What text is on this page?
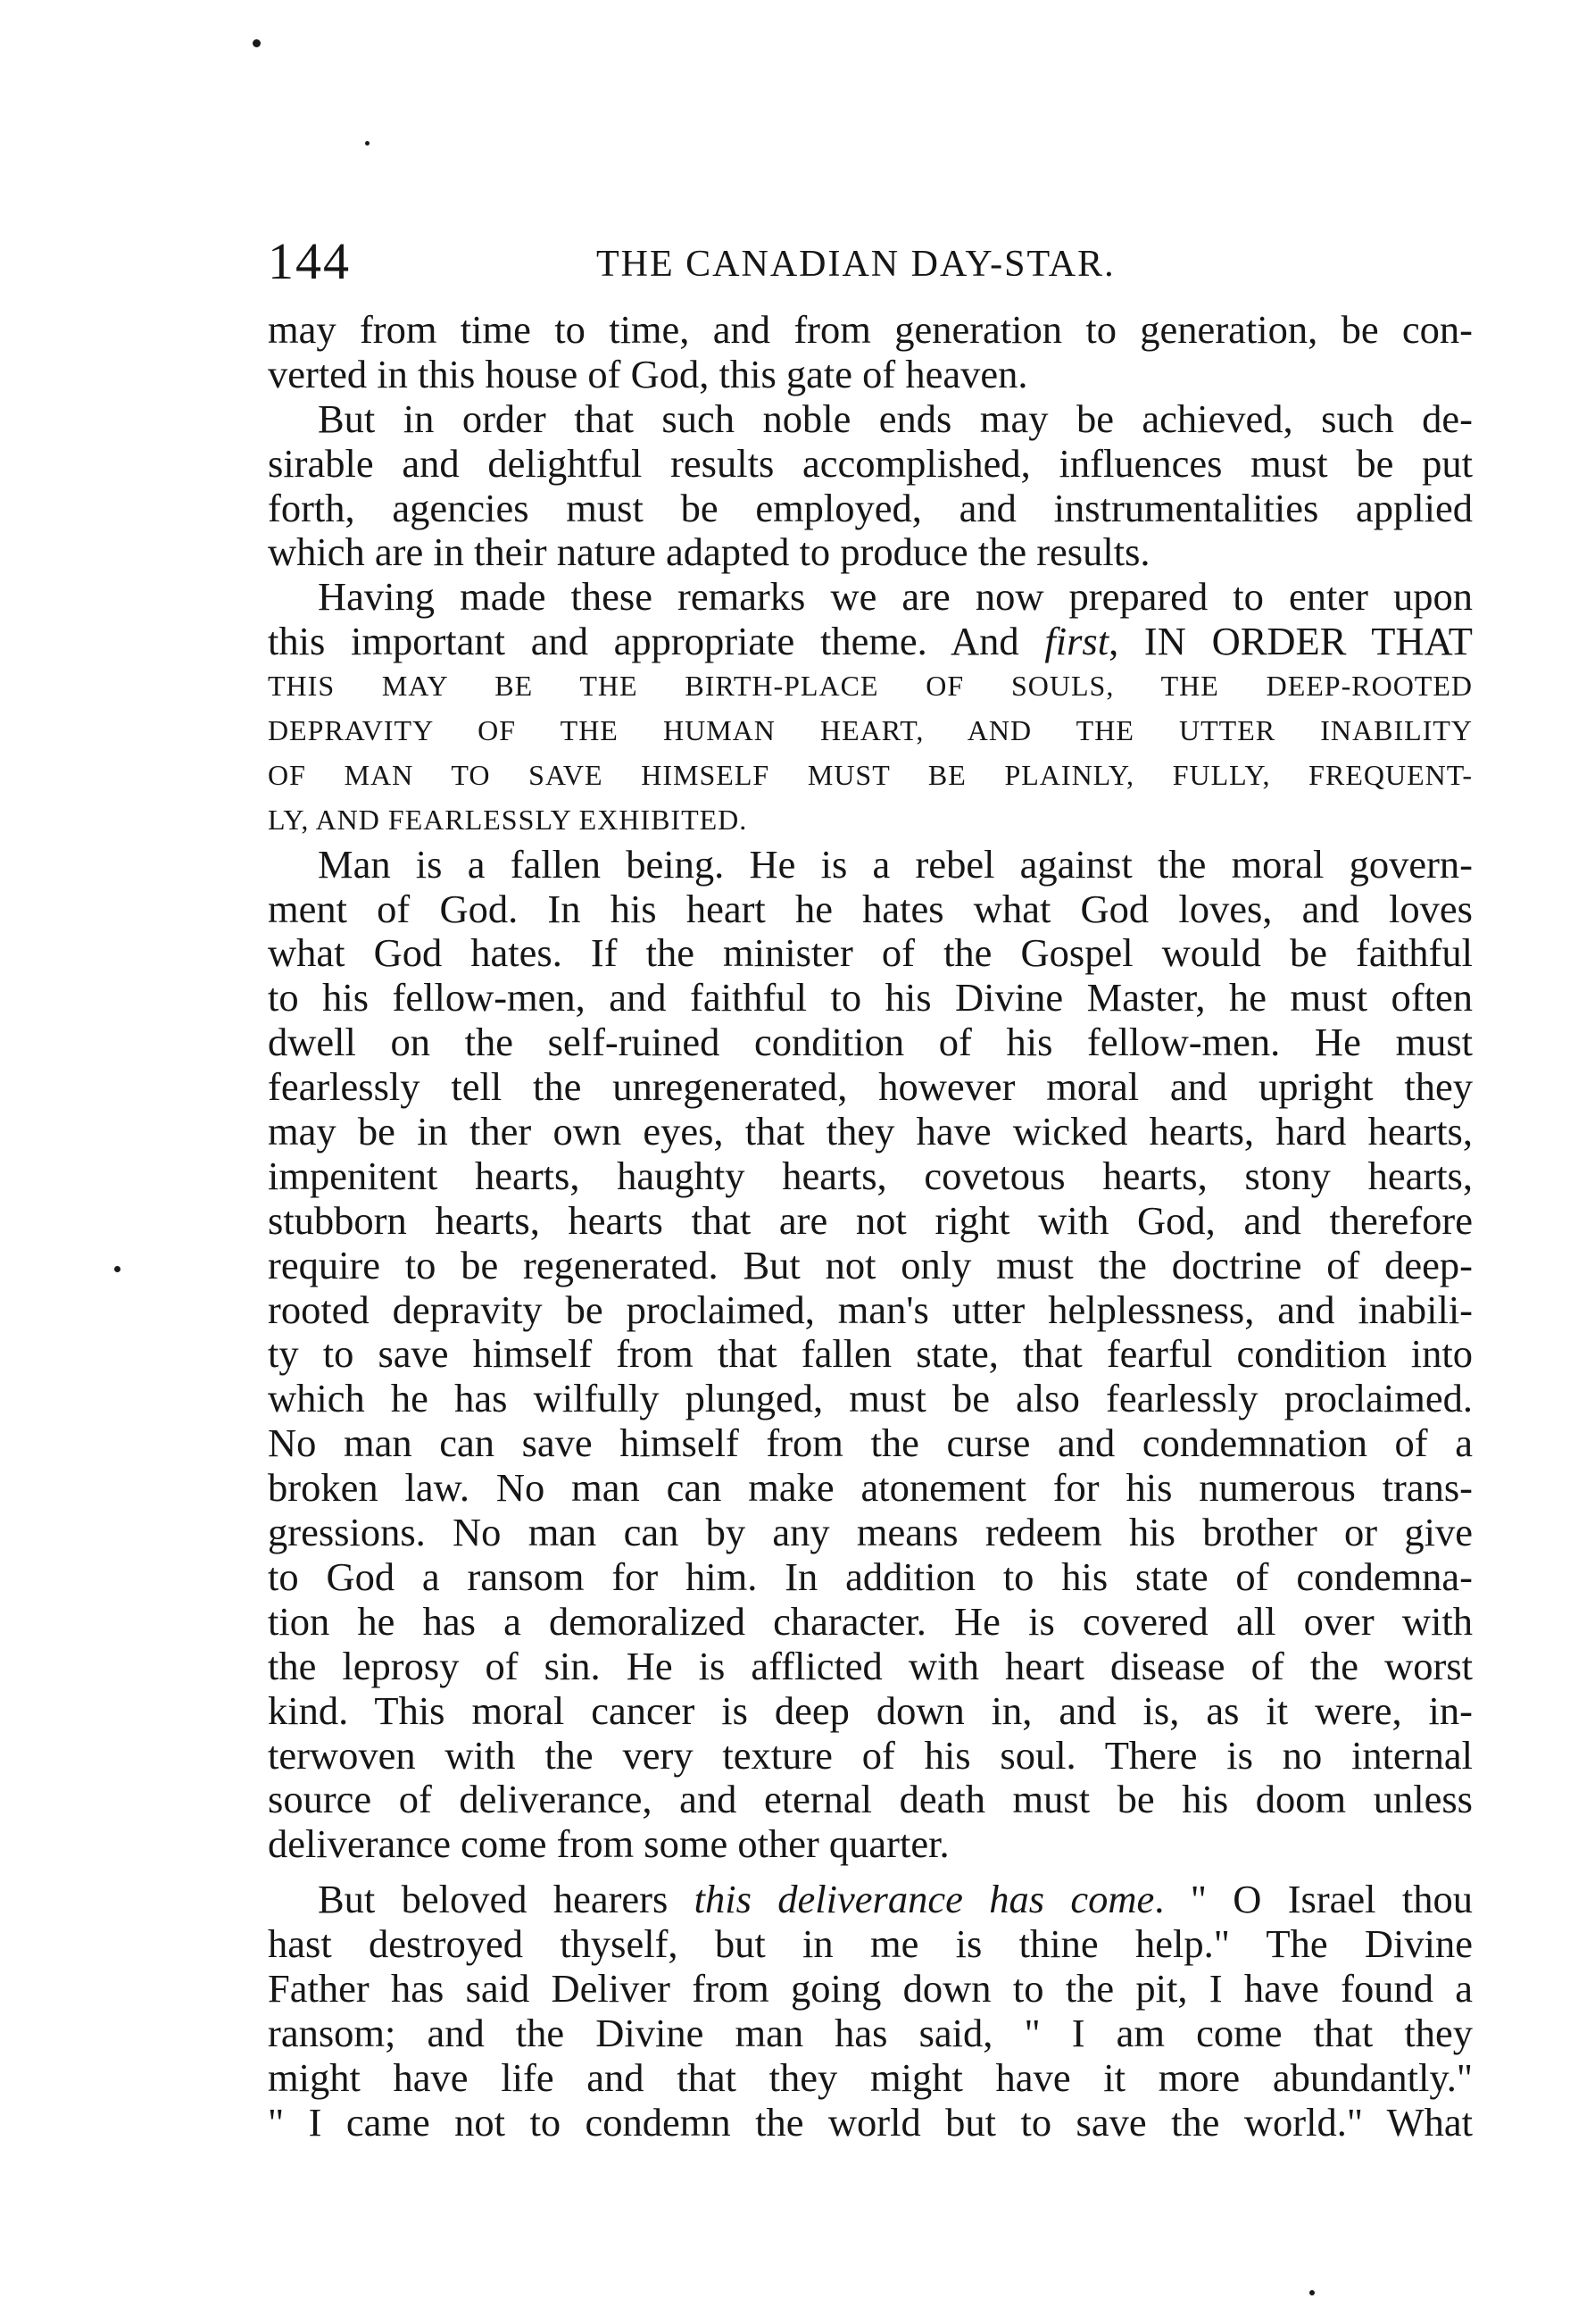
144	THE CANADIAN DAY-STAR.
may from time to time, and from generation to generation, be con-
verted in this house of God, this gate of heaven.
But in order that such noble ends may be achieved, such de-
sirable and delightful results accomplished, influences must be put
forth, agencies must be employed, and instrumentalities applied
which are in their nature adapted to produce the results.
Having made these remarks we are now prepared to enter upon
this important and appropriate theme. And first, IN ORDER THAT
THIS MAY BE THE BIRTH-PLACE OF SOULS, THE DEEP-ROOTED
DEPRAVITY OF THE HUMAN HEART, AND THE UTTER INABILITY
OF MAN TO SAVE HIMSELF MUST BE PLAINLY, FULLY, FREQUENT-
LY, AND FEARLESSLY EXHIBITED.
Man is a fallen being. He is a rebel against the moral govern-
ment of God. In his heart he hates what God loves, and loves
what God hates. If the minister of the Gospel would be faithful
to his fellow-men, and faithful to his Divine Master, he must often
dwell on the self-ruined condition of his fellow-men. He must
fearlessly tell the unregenerated, however moral and upright they
may be in ther own eyes, that they have wicked hearts, hard hearts,
impenitent hearts, haughty hearts, covetous hearts, stony hearts,
stubborn hearts, hearts that are not right with God, and therefore
require to be regenerated. But not only must the doctrine of deep-
rooted depravity be proclaimed, man's utter helplessness, and inabili-
ty to save himself from that fallen state, that fearful condition into
which he has wilfully plunged, must be also fearlessly proclaimed.
No man can save himself from the curse and condemnation of a
broken law. No man can make atonement for his numerous trans-
gressions. No man can by any means redeem his brother or give
to God a ransom for him. In addition to his state of condemna-
tion he has a demoralized character. He is covered all over with
the leprosy of sin. He is afflicted with heart disease of the worst
kind. This moral cancer is deep down in, and is, as it were, in-
terwoven with the very texture of his soul. There is no internal
source of deliverance, and eternal death must be his doom unless
deliverance come from some other quarter.
But beloved hearers this deliverance has come. " O Israel thou
hast destroyed thyself, but in me is thine help." The Divine
Father has said Deliver from going down to the pit, I have found a
ransom; and the Divine man has said, " I am come that they
might have life and that they might have it more abundantly."
" I came not to condemn the world but to save the world." What
